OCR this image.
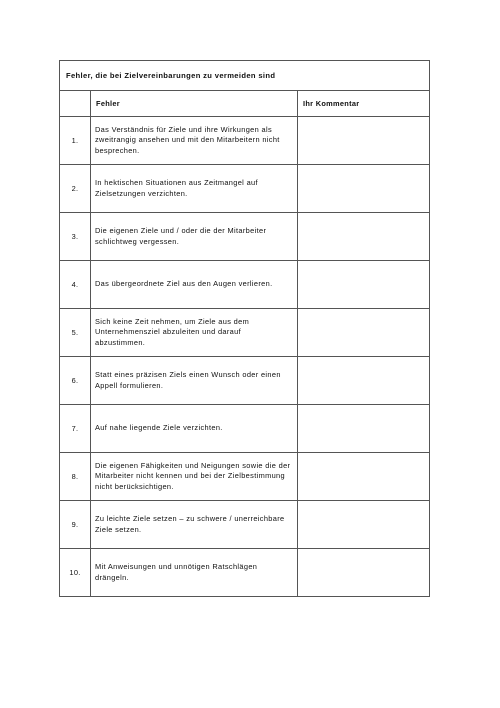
Fehler, die bei Zielvereinbarungen zu vermeiden sind		
	Fehler	Ihr Kommentar
1.	Das Verständnis für Ziele und ihre Wirkungen als zweitrangig ansehen und mit den Mitarbeitern nicht besprechen.	
2.	In hektischen Situationen aus Zeitmangel auf Zielsetzungen verzichten.	
3.	Die eigenen Ziele und / oder die der Mitarbeiter schlichtweg vergessen.	
4.	Das übergeordnete Ziel aus den Augen verlieren.	
5.	Sich keine Zeit nehmen, um Ziele aus dem Unternehmensziel abzuleiten und darauf abzustimmen.	
6.	Statt eines präzisen Ziels einen Wunsch oder einen Appell formulieren.	
7.	Auf nahe liegende Ziele verzichten.	
8.	Die eigenen Fähigkeiten und Neigungen sowie die der Mitarbeiter nicht kennen und bei der Zielbestimmung nicht berücksichtigen.	
9.	Zu leichte Ziele setzen – zu schwere / unerreichbare Ziele setzen.	
10.	Mit Anweisungen und unnötigen Ratschlägen drängeln.	
